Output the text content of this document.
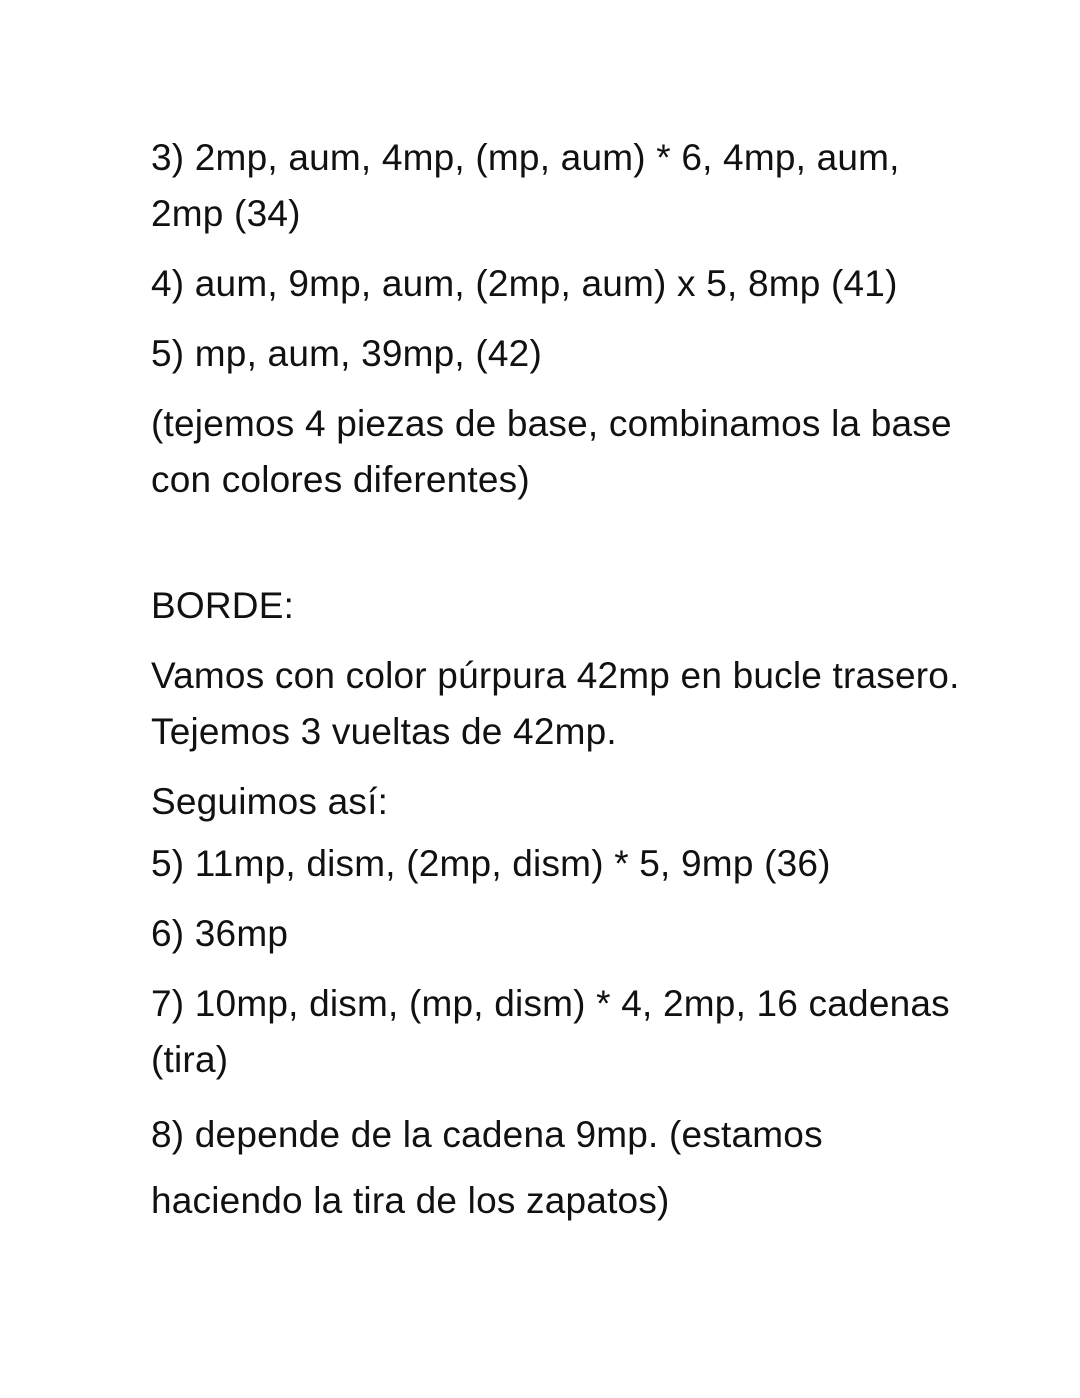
3) 2mp, aum, 4mp, (mp, aum) * 6, 4mp, aum, 2mp (34)

4) aum, 9mp, aum, (2mp, aum) x 5, 8mp (41)

5) mp, aum, 39mp, (42)

(tejemos 4 piezas de base, combinamos la base con colores diferentes)

BORDE:

Vamos con color púrpura 42mp en bucle trasero. Tejemos 3 vueltas de 42mp.

Seguimos así:

5) 11mp, dism, (2mp, dism) * 5, 9mp (36)

6) 36mp

7) 10mp, dism, (mp, dism) * 4, 2mp, 16 cadenas (tira)

8) depende de la cadena 9mp. (estamos haciendo la tira de los zapatos)
